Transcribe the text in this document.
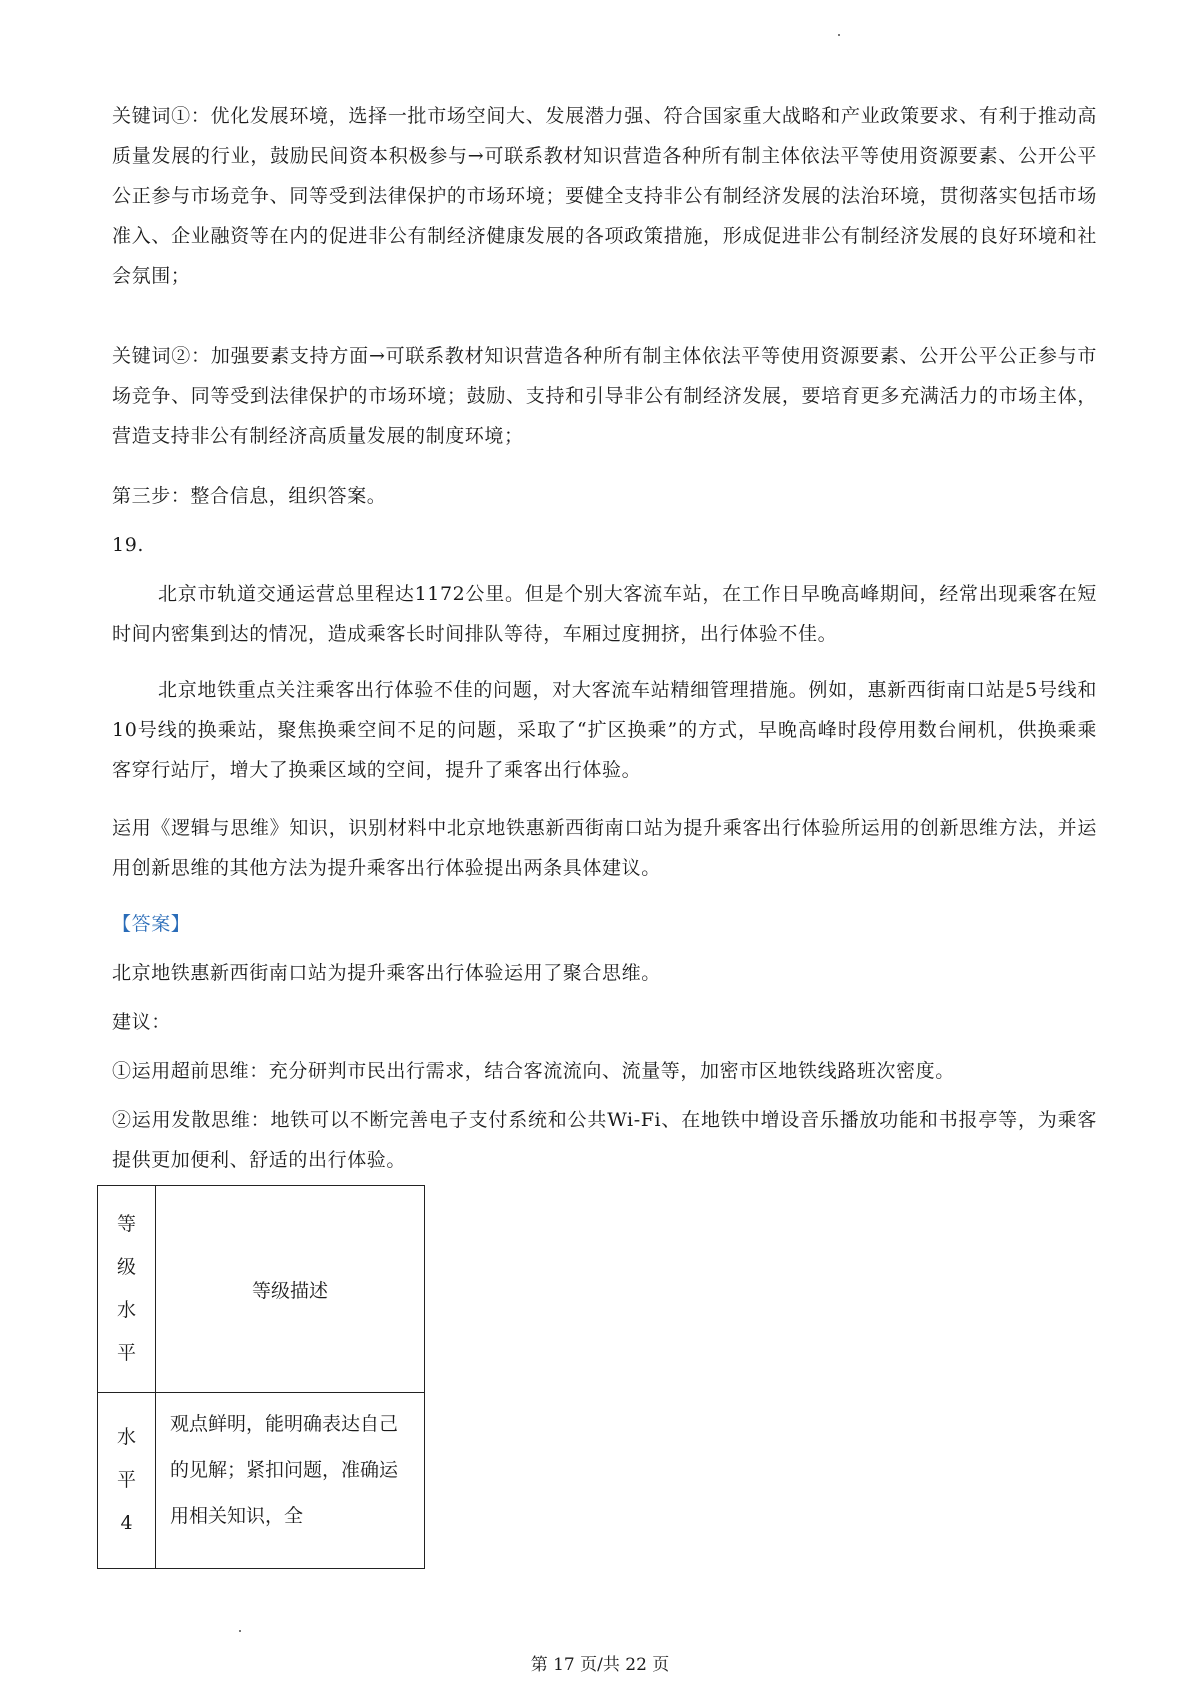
关键词①：优化发展环境，选择一批市场空间大、发展潜力强、符合国家重大战略和产业政策要求、有利于推动高质量发展的行业，鼓励民间资本积极参与→可联系教材知识营造各种所有制主体依法平等使用资源要素、公开公平公正参与市场竞争、同等受到法律保护的市场环境；要健全支持非公有制经济发展的法治环境，贯彻落实包括市场准入、企业融资等在内的促进非公有制经济健康发展的各项政策措施，形成促进非公有制经济发展的良好环境和社会氛围；

关键词②：加强要素支持方面→可联系教材知识营造各种所有制主体依法平等使用资源要素、公开公平公正参与市场竞争、同等受到法律保护的市场环境；鼓励、支持和引导非公有制经济发展，要培育更多充满活力的市场主体，营造支持非公有制经济高质量发展的制度环境；

第三步：整合信息，组织答案。

19.

北京市轨道交通运营总里程达1172公里。但是个别大客流车站，在工作日早晚高峰期间，经常出现乘客在短时间内密集到达的情况，造成乘客长时间排队等待，车厢过度拥挤，出行体验不佳。

北京地铁重点关注乘客出行体验不佳的问题，对大客流车站精细管理措施。例如，惠新西街南口站是5号线和10号线的换乘站，聚焦换乘空间不足的问题，采取了“扩区换乘”的方式，早晚高峰时段停用数台闸机，供换乘乘客穿行站厅，增大了换乘区域的空间，提升了乘客出行体验。

运用《逻辑与思维》知识，识别材料中北京地铁惠新西街南口站为提升乘客出行体验所运用的创新思维方法，并运用创新思维的其他方法为提升乘客出行体验提出两条具体建议。

【答案】

北京地铁惠新西街南口站为提升乘客出行体验运用了聚合思维。

建议：

①运用超前思维：充分研判市民出行需求，结合客流流向、流量等，加密市区地铁线路班次密度。

②运用发散思维：地铁可以不断完善电子支付系统和公共Wi-Fi、在地铁中增设音乐播放功能和书报亭等，为乘客提供更加便利、舒适的出行体验。

等
级
水
平	等级描述

水
平
4	观点鲜明，能明确表达自己的见解；紧扣问题，准确运用相关知识，全
第 17 页/共 22 页
